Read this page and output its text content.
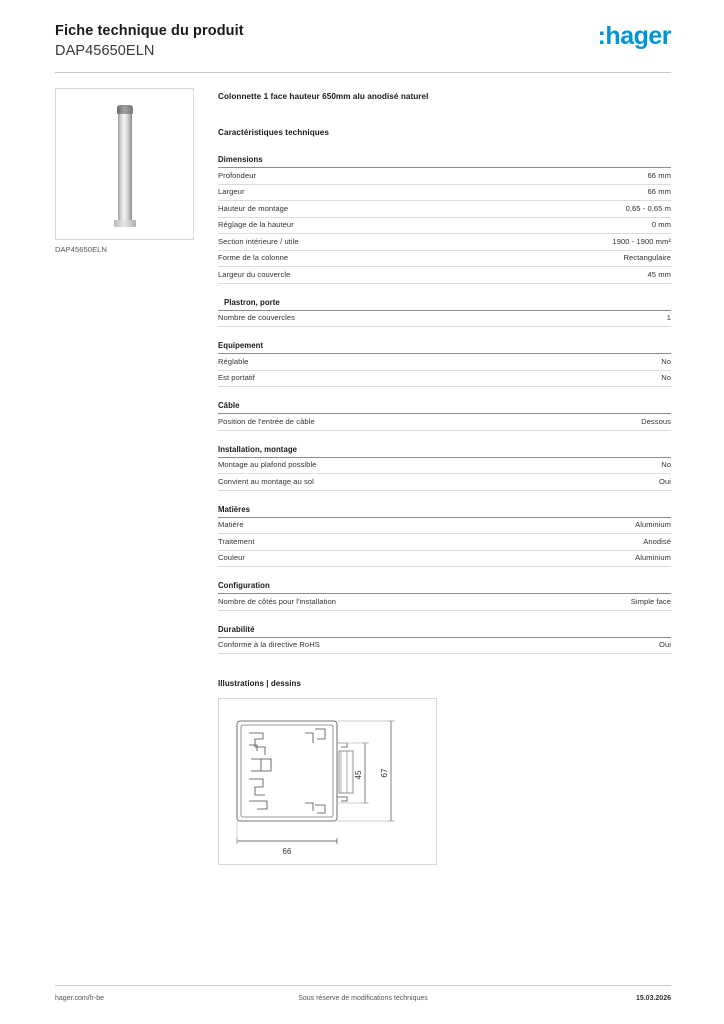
Fiche technique du produit
DAP45650ELN
:hager
DAP45650ELN
Colonnette 1 face hauteur 650mm alu anodisé naturel
Caractéristiques techniques
Dimensions
Profondeur	66 mm
Largeur	66 mm
Hauteur de montage	0,65 - 0,65 m
Réglage de la hauteur	0 mm
Section intérieure / utile	1900 - 1900 mm²
Forme de la colonne	Rectangulaire
Largeur du couvercle	45 mm
Plastron, porte
Nombre de couvercles	1
Equipement
Réglable	No
Est portatif	No
Câble
Position de l'entrée de câble	Dessous
Installation, montage
Montage au plafond possible	No
Convient au montage au sol	Oui
Matières
Matière	Aluminium
Traitement	Anodisé
Couleur	Aluminium
Configuration
Nombre de côtés pour l'installation	Simple face
Durabilité
Conforme à la directive RoHS	Oui
Illustrations | dessins
45 67
66
hager.com/fr-be	Sous réserve de modifications techniques	15.03.2026
